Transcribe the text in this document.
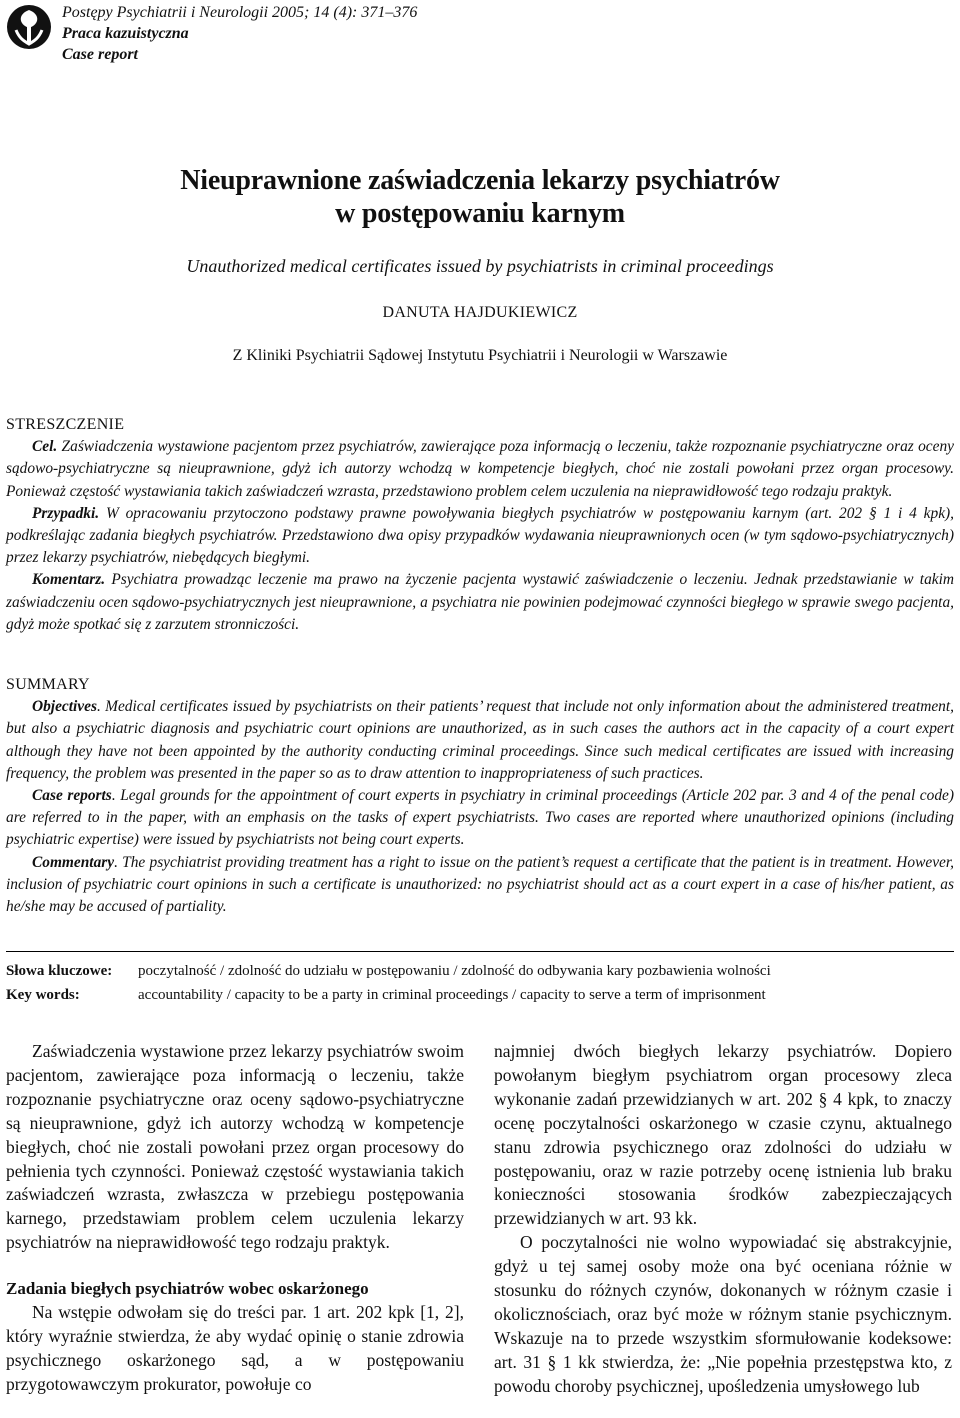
Postępy Psychiatrii i Neurologii 2005; 14 (4): 371–376
Praca kazuistyczna
Case report
Nieuprawnione zaświadczenia lekarzy psychiatrów
w postępowaniu karnym
Unauthorized medical certificates issued by psychiatrists in criminal proceedings
DANUTA HAJDUKIEWICZ
Z Kliniki Psychiatrii Sądowej Instytutu Psychiatrii i Neurologii w Warszawie

STRESZCZENIE

Cel. Zaświadczenia wystawione pacjentom przez psychiatrów, zawierające poza informacją o leczeniu, także rozpoznanie psychiatryczne oraz oceny sądowo-psychiatryczne są nieuprawnione, gdyż ich autorzy wchodzą w kompetencje biegłych, choć nie zostali powołani przez organ procesowy. Ponieważ częstość wystawiania takich zaświadczeń wzrasta, przedstawiono problem celem uczulenia na nieprawidłowość tego rodzaju praktyk.

Przypadki. W opracowaniu przytoczono podstawy prawne powoływania biegłych psychiatrów w postępowaniu karnym (art. 202 § 1 i 4 kpk), podkreślając zadania biegłych psychiatrów. Przedstawiono dwa opisy przypadków wydawania nieuprawnionych ocen (w tym sądowo-psychiatrycznych) przez lekarzy psychiatrów, niebędących biegłymi.

Komentarz. Psychiatra prowadząc leczenie ma prawo na życzenie pacjenta wystawić zaświadczenie o leczeniu. Jednak przedstawianie w takim zaświadczeniu ocen sądowo-psychiatrycznych jest nieuprawnione, a psychiatra nie powinien podejmować czynności biegłego w sprawie swego pacjenta, gdyż może spotkać się z zarzutem stronniczości.

SUMMARY

Objectives. Medical certificates issued by psychiatrists on their patients’ request that include not only information about the administered treatment, but also a psychiatric diagnosis and psychiatric court opinions are unauthorized, as in such cases the authors act in the capacity of a court expert although they have not been appointed by the authority conducting criminal proceedings. Since such medical certificates are issued with increasing frequency, the problem was presented in the paper so as to draw attention to inappropriateness of such practices.

Case reports. Legal grounds for the appointment of court experts in psychiatry in criminal proceedings (Article 202 par. 3 and 4 of the penal code) are referred to in the paper, with an emphasis on the tasks of expert psychiatrists. Two cases are reported where unauthorized opinions (including psychiatric expertise) were issued by psychiatrists not being court experts.

Commentary. The psychiatrist providing treatment has a right to issue on the patient’s request a certificate that the patient is in treatment. However, inclusion of psychiatric court opinions in such a certificate is unauthorized: no psychiatrist should act as a court expert in a case of his/her patient, as he/she may be accused of partiality.

Słowa kluczowe: poczytalność / zdolność do udziału w postępowaniu / zdolność do odbywania kary pozbawienia wolności
Key words:	accountability / capacity to be a party in criminal proceedings / capacity to serve a term of imprisonment

Zaświadczenia wystawione przez lekarzy psychiatrów swoim pacjentom, zawierające poza informacją o leczeniu, także rozpoznanie psychiatryczne oraz oceny sądowo-psychiatryczne są nieuprawnione, gdyż ich autorzy wchodzą w kompetencje biegłych, choć nie zostali powołani przez organ procesowy do pełnienia tych czynności. Ponieważ częstość wystawiania takich zaświadczeń wzrasta, zwłaszcza w przebiegu postępowania karnego, przedstawiam problem celem uczulenia lekarzy psychiatrów na nieprawidłowość tego rodzaju praktyk.

Zadania biegłych psychiatrów wobec oskarżonego

Na wstępie odwołam się do treści par. 1 art. 202 kpk [1, 2], który wyraźnie stwierdza, że aby wydać opinię o stanie zdrowia psychicznego oskarżonego sąd, a w postępowaniu przygotowawczym prokurator, powołuje co

najmniej dwóch biegłych lekarzy psychiatrów. Dopiero powołanym biegłym psychiatrom organ procesowy zleca wykonanie zadań przewidzianych w art. 202 § 4 kpk, to znaczy ocenę poczytalności oskarżonego w czasie czynu, aktualnego stanu zdrowia psychicznego oraz zdolności do udziału w postępowaniu, oraz w razie potrzeby ocenę istnienia lub braku konieczności stosowania środków zabezpieczających przewidzianych w art. 93 kk.

O poczytalności nie wolno wypowiadać się abstrakcyjnie, gdyż u tej samej osoby może ona być oceniana różnie w stosunku do różnych czynów, dokonanych w różnym czasie i okolicznościach, oraz być może w różnym stanie psychicznym. Wskazuje na to przede wszystkim sformułowanie kodeksowe: art. 31 § 1 kk stwierdza, że: „Nie popełnia przestępstwa kto, z powodu choroby psychicznej, upośledzenia umysłowego lub
